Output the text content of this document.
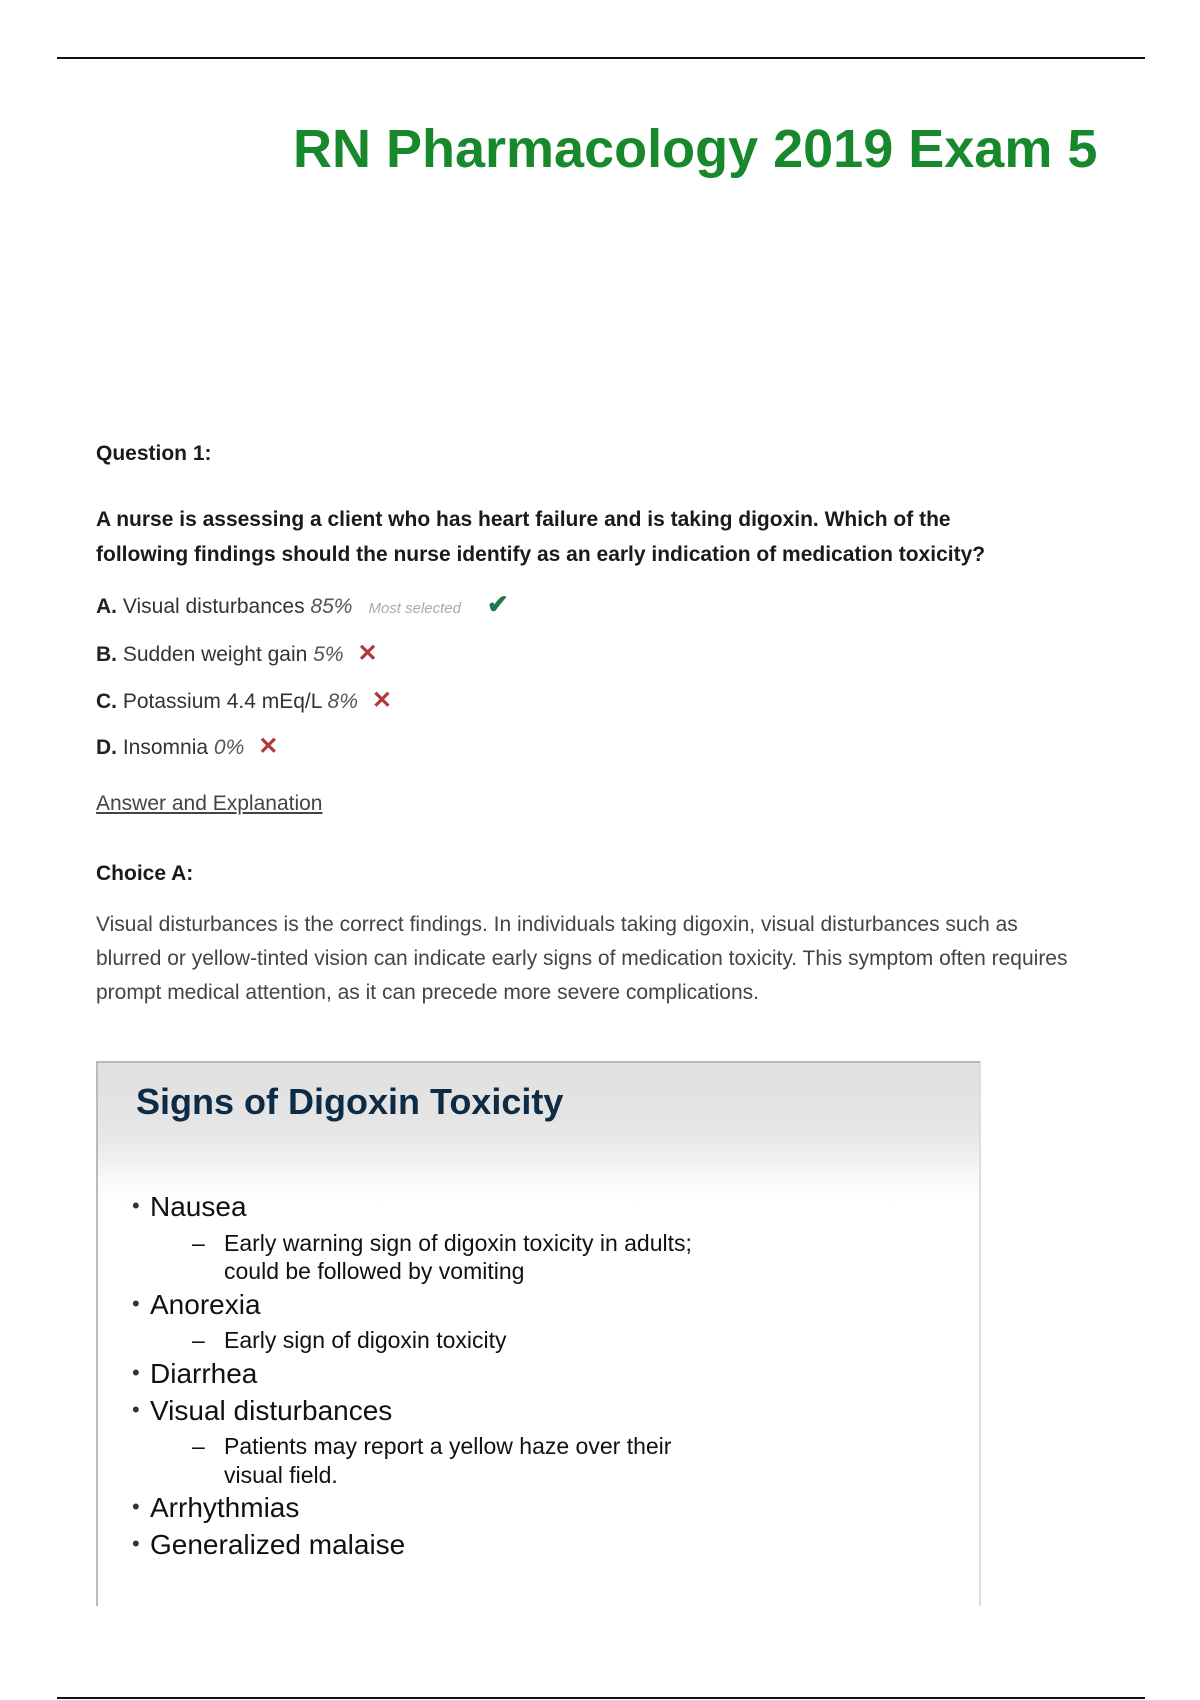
RN Pharmacology 2019 Exam 5
Question 1:
A nurse is assessing a client who has heart failure and is taking digoxin. Which of the
following findings should the nurse identify as an early indication of medication toxicity?
A. Visual disturbances 85% Most selected ✔
B. Sudden weight gain 5% ✕
C. Potassium 4.4 mEq/L 8% ✕
D. Insomnia 0% ✕
Answer and Explanation
Choice A:
Visual disturbances is the correct findings. In individuals taking digoxin, visual disturbances such as blurred or yellow-tinted vision can indicate early signs of medication toxicity. This symptom often requires prompt medical attention, as it can precede more severe complications.
Signs of Digoxin Toxicity
• Nausea
– Early warning sign of digoxin toxicity in adults;
could be followed by vomiting
• Anorexia
– Early sign of digoxin toxicity
• Diarrhea
• Visual disturbances
– Patients may report a yellow haze over their
visual field.
• Arrhythmias
• Generalized malaise
